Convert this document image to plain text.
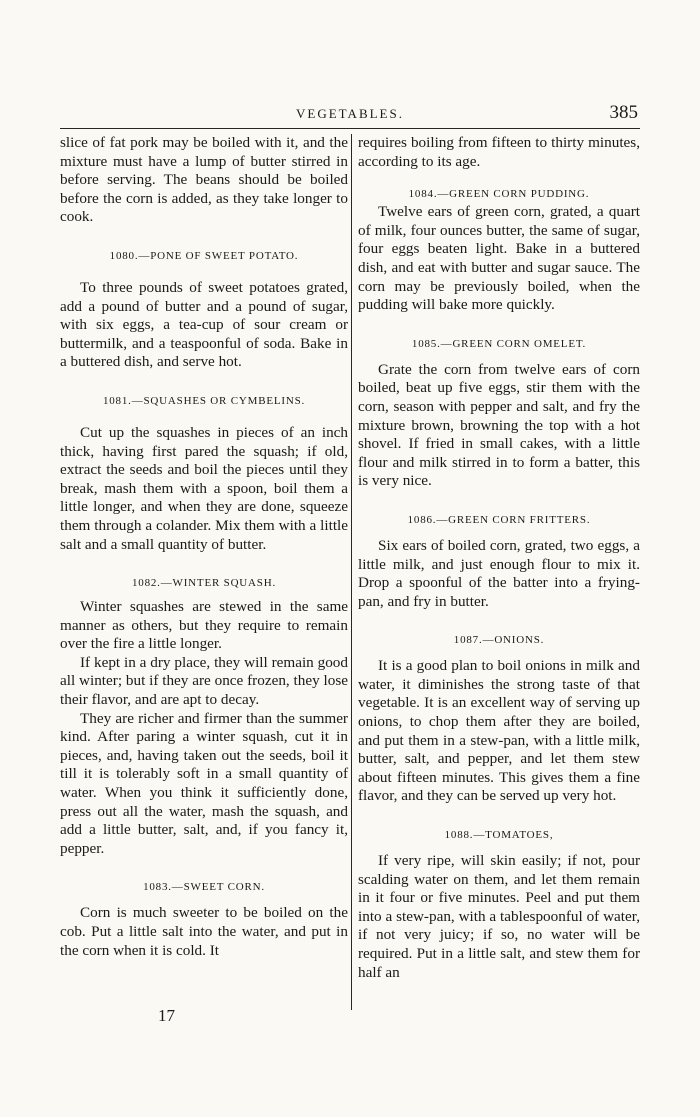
VEGETABLES.	385

slice of fat pork may be boiled with it, and the mixture must have a lump of butter stirred in before serving. The beans should be boiled before the corn is added, as they take longer to cook.

1080.—PONE OF SWEET POTATO.

To three pounds of sweet potatoes grated, add a pound of butter and a pound of sugar, with six eggs, a tea-cup of sour cream or buttermilk, and a teaspoonful of soda. Bake in a buttered dish, and serve hot.

1081.—SQUASHES OR CYMBELINS.

Cut up the squashes in pieces of an inch thick, having first pared the squash; if old, extract the seeds and boil the pieces until they break, mash them with a spoon, boil them a little longer, and when they are done, squeeze them through a colander. Mix them with a little salt and a small quantity of butter.

1082.—WINTER SQUASH.

Winter squashes are stewed in the same manner as others, but they require to remain over the fire a little longer.

If kept in a dry place, they will remain good all winter; but if they are once frozen, they lose their flavor, and are apt to decay.

They are richer and firmer than the summer kind. After paring a winter squash, cut it in pieces, and, having taken out the seeds, boil it till it is tolerably soft in a small quantity of water. When you think it sufficiently done, press out all the water, mash the squash, and add a little butter, salt, and, if you fancy it, pepper.

1083.—SWEET CORN.

Corn is much sweeter to be boiled on the cob. Put a little salt into the water, and put in the corn when it is cold. It

requires boiling from fifteen to thirty minutes, according to its age.

1084.—GREEN CORN PUDDING.

Twelve ears of green corn, grated, a quart of milk, four ounces butter, the same of sugar, four eggs beaten light. Bake in a buttered dish, and eat with butter and sugar sauce. The corn may be previously boiled, when the pudding will bake more quickly.

1085.—GREEN CORN OMELET.

Grate the corn from twelve ears of corn boiled, beat up five eggs, stir them with the corn, season with pepper and salt, and fry the mixture brown, browning the top with a hot shovel. If fried in small cakes, with a little flour and milk stirred in to form a batter, this is very nice.

1086.—GREEN CORN FRITTERS.

Six ears of boiled corn, grated, two eggs, a little milk, and just enough flour to mix it. Drop a spoonful of the batter into a frying-pan, and fry in butter.

1087.—ONIONS.

It is a good plan to boil onions in milk and water, it diminishes the strong taste of that vegetable. It is an excellent way of serving up onions, to chop them after they are boiled, and put them in a stew-pan, with a little milk, butter, salt, and pepper, and let them stew about fifteen minutes. This gives them a fine flavor, and they can be served up very hot.

1088.—TOMATOES,

If very ripe, will skin easily; if not, pour scalding water on them, and let them remain in it four or five minutes. Peel and put them into a stew-pan, with a tablespoonful of water, if not very juicy; if so, no water will be required. Put in a little salt, and stew them for half an

17
